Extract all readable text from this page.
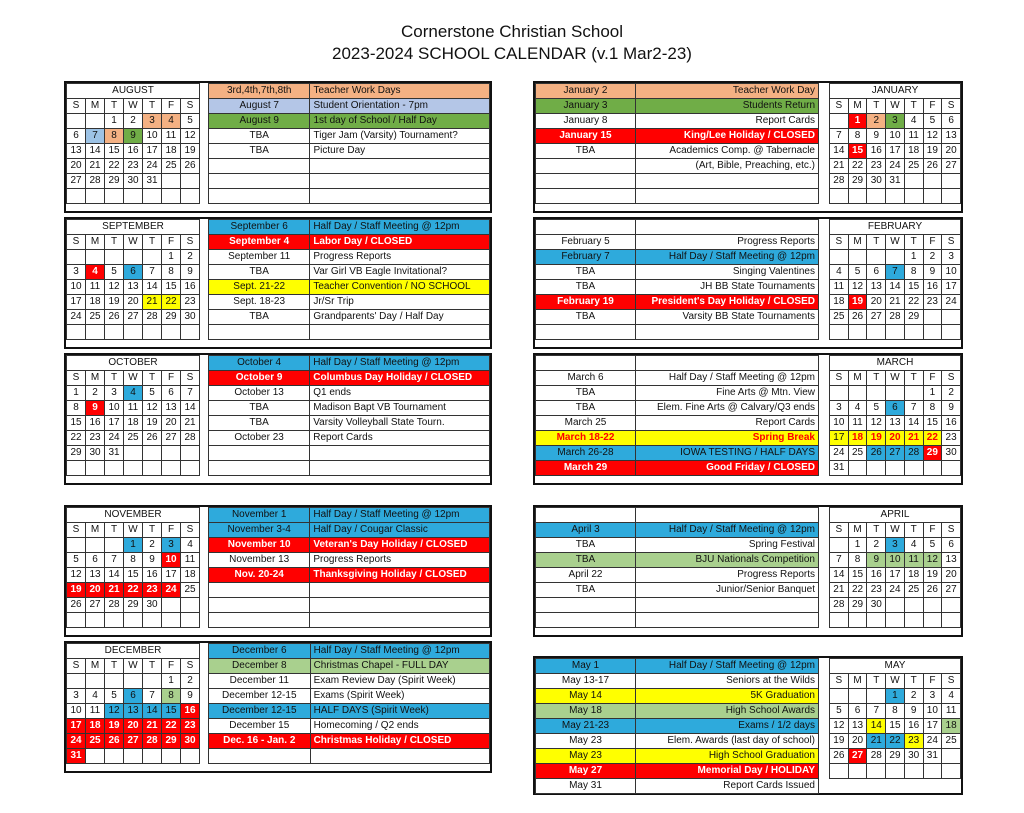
Cornerstone Christian School
2023-2024 SCHOOL CALENDAR (v.1 Mar2-23)
AUGUST						
S	M	T	W	T	F	S
		1	2	3	4	5
6	7	8	9	10	11	12
13	14	15	16	17	18	19
20	21	22	23	24	25	26
27	28	29	30	31		

3rd,4th,7th,8th	Teacher Work Days
August 7	Student Orientation - 7pm
August 9	1st day of School / Half Day
TBA	Tiger Jam (Varsity) Tournament?
TBA	Picture Day

SEPTEMBER						
S	M	T	W	T	F	S
					1	2
3	4	5	6	7	8	9
10	11	12	13	14	15	16
17	18	19	20	21	22	23
24	25	26	27	28	29	30

September 6	Half Day / Staff Meeting @ 12pm
September 4	Labor Day / CLOSED
September 11	Progress Reports
TBA	Var Girl VB Eagle Invitational?
Sept. 21-22	Teacher Convention / NO SCHOOL
Sept. 18-23	Jr/Sr Trip
TBA	Grandparents' Day / Half Day

OCTOBER						
S	M	T	W	T	F	S
1	2	3	4	5	6	7
8	9	10	11	12	13	14
15	16	17	18	19	20	21
22	23	24	25	26	27	28
29	30	31				

October 4	Half Day / Staff Meeting @ 12pm
October 9	Columbus Day Holiday / CLOSED
October 13	Q1 ends
TBA	Madison Bapt VB Tournament
TBA	Varsity Volleyball State Tourn.
October 23	Report Cards

NOVEMBER						
S	M	T	W	T	F	S
			1	2	3	4
5	6	7	8	9	10	11
12	13	14	15	16	17	18
19	20	21	22	23	24	25
26	27	28	29	30		

November 1	Half Day / Staff Meeting @ 12pm
November 3-4	Half Day / Cougar Classic
November 10	Veteran's Day Holiday / CLOSED
November 13	Progress Reports
Nov. 20-24	Thanksgiving Holiday / CLOSED

DECEMBER						
S	M	T	W	T	F	S
					1	2
3	4	5	6	7	8	9
10	11	12	13	14	15	16
17	18	19	20	21	22	23
24	25	26	27	28	29	30
31						
December 6	Half Day / Staff Meeting @ 12pm
December 8	Christmas Chapel - FULL DAY
December 11	Exam Review Day (Spirit Week)
December 12-15	Exams (Spirit Week)
December 12-15	HALF DAYS (Spirit Week)
December 15	Homecoming / Q2 ends
Dec. 16 - Jan. 2	Christmas Holiday / CLOSED

January 2	Teacher Work Day
January 3	Students Return
January 8	Report Cards
January 15	King/Lee Holiday / CLOSED
TBA	Academics Comp. @ Tabernacle
	(Art, Bible, Preaching, etc.)

JANUARY						
S	M	T	W	T	F	S
	1	2	3	4	5	6
7	8	9	10	11	12	13
14	15	16	17	18	19	20
21	22	23	24	25	26	27
28	29	30	31			

February 5	Progress Reports
February 7	Half Day / Staff Meeting @ 12pm
TBA	Singing Valentines
TBA	JH BB State Tournaments
February 19	President's Day Holiday / CLOSED
TBA	Varsity BB State Tournaments

FEBRUARY						
S	M	T	W	T	F	S
				1	2	3
4	5	6	7	8	9	10
11	12	13	14	15	16	17
18	19	20	21	22	23	24
25	26	27	28	29		

March 6	Half Day / Staff Meeting @ 12pm
TBA	Fine Arts @ Mtn. View
TBA	Elem. Fine Arts @ Calvary/Q3 ends
March 25	Report Cards
March 18-22	Spring Break
March 26-28	IOWA TESTING / HALF DAYS
March 29	Good Friday / CLOSED
MARCH						
S	M	T	W	T	F	S
					1	2
3	4	5	6	7	8	9
10	11	12	13	14	15	16
17	18	19	20	21	22	23
24	25	26	27	28	29	30
31						

April 3	Half Day / Staff Meeting @ 12pm
TBA	Spring Festival
TBA	BJU Nationals Competition
April 22	Progress Reports
TBA	Junior/Senior Banquet

APRIL						
S	M	T	W	T	F	S
	1	2	3	4	5	6
7	8	9	10	11	12	13
14	15	16	17	18	19	20
21	22	23	24	25	26	27
28	29	30				

May 1	Half Day / Staff Meeting @ 12pm
May 13-17	Seniors at the Wilds
May 14	5K Graduation
May 18	High School Awards
May 21-23	Exams / 1/2 days
May 23	Elem. Awards (last day of school)
May 23	High School Graduation
May 27	Memorial Day / HOLIDAY
May 31	Report Cards Issued
MAY						
S	M	T	W	T	F	S
			1	2	3	4
5	6	7	8	9	10	11
12	13	14	15	16	17	18
19	20	21	22	23	24	25
26	27	28	29	30	31	
